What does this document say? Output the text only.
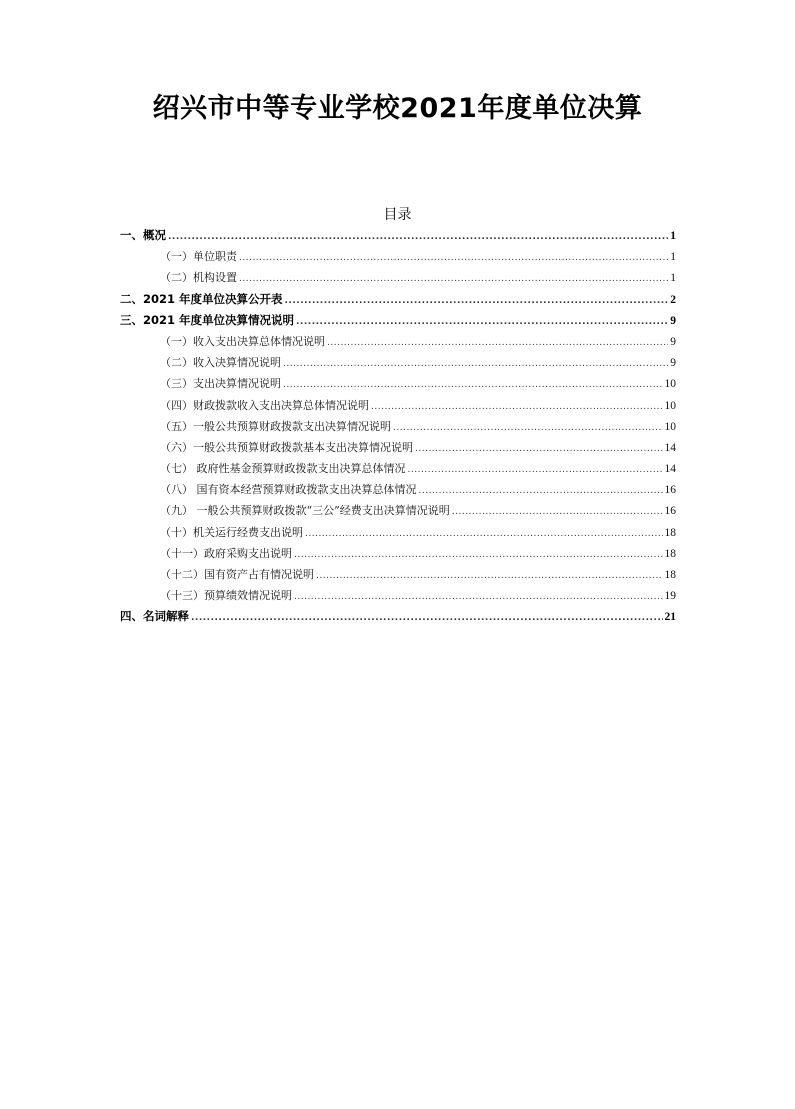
绍兴市中等专业学校2021年度单位决算
目录
一、概况 .....	1
（一）单位职责 .....	1
（二）机构设置 .....	1
二、2021 年度单位决算公开表 .....	2
三、2021 年度单位决算情况说明 .....	9
（一）收入支出决算总体情况说明 .....	9
（二）收入决算情况说明 .....	9
（三）支出决算情况说明 .....	10
（四）财政拨款收入支出决算总体情况说明 .....	10
（五）一般公共预算财政拨款支出决算情况说明 .....	10
（六）一般公共预算财政拨款基本支出决算情况说明 .....	14
（七） 政府性基金预算财政拨款支出决算总体情况 .....	14
（八） 国有资本经营预算财政拨款支出决算总体情况 .....	16
（九） 一般公共预算财政拨款“三公”经费支出决算情况说明 .....	16
（十）机关运行经费支出说明 .....	18
（十一）政府采购支出说明 .....	18
（十二）国有资产占有情况说明 .....	18
（十三）预算绩效情况说明 .....	19
四、名词解释 .....	21
